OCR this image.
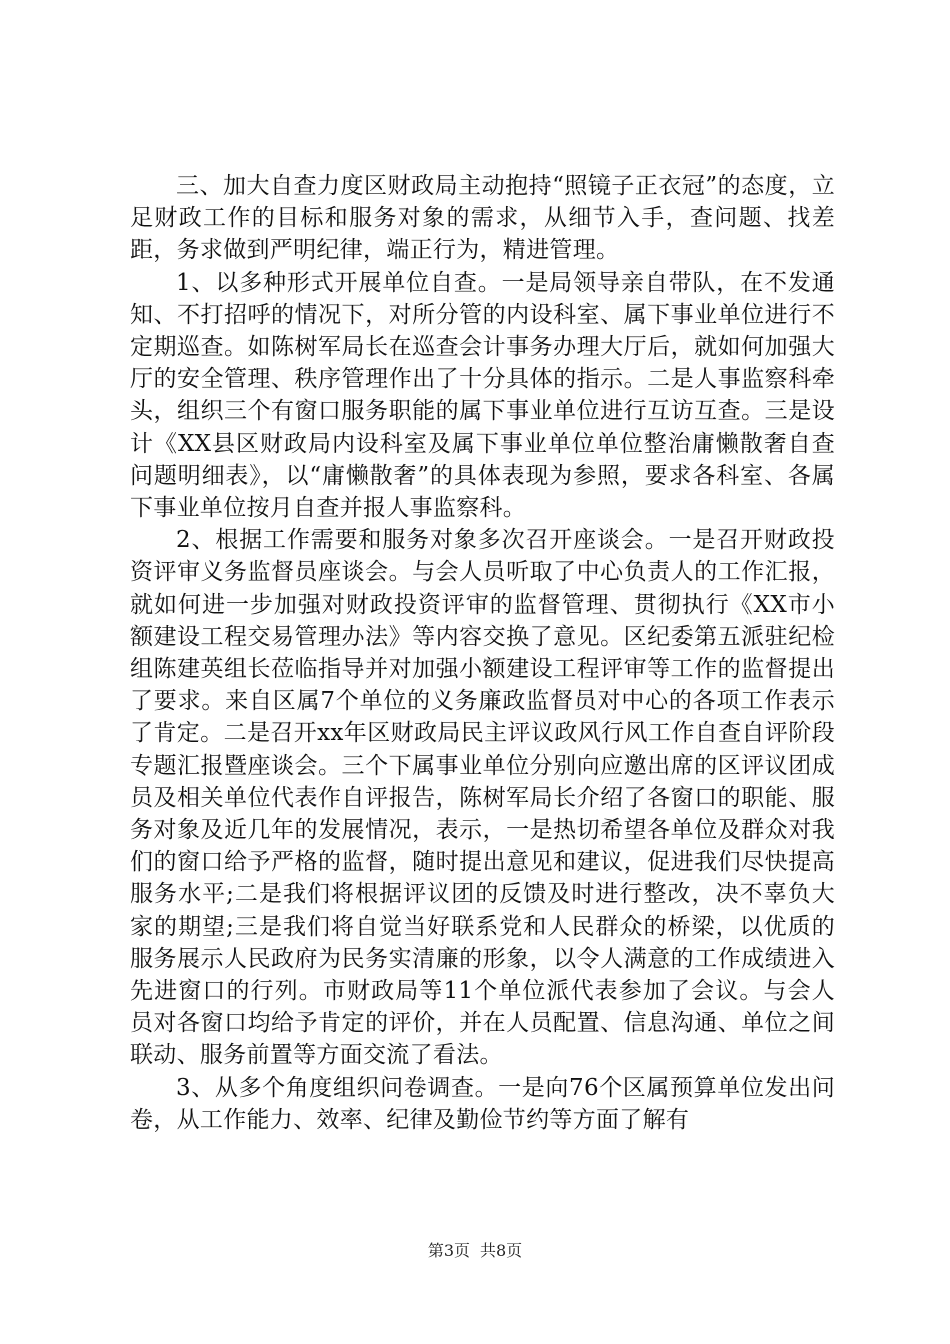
三、加大自查力度区财政局主动抱持“照镜子正衣冠”的态度，立足财政工作的目标和服务对象的需求，从细节入手，查问题、找差距，务求做到严明纪律，端正行为，精进管理。

1、以多种形式开展单位自查。一是局领导亲自带队，在不发通知、不打招呼的情况下，对所分管的内设科室、属下事业单位进行不定期巡查。如陈树军局长在巡查会计事务办理大厅后，就如何加强大厅的安全管理、秩序管理作出了十分具体的指示。二是人事监察科牵头，组织三个有窗口服务职能的属下事业单位进行互访互查。三是设计《XX县区财政局内设科室及属下事业单位单位整治庸懒散奢自查问题明细表》，以“庸懒散奢”的具体表现为参照，要求各科室、各属下事业单位按月自查并报人事监察科。

2、根据工作需要和服务对象多次召开座谈会。一是召开财政投资评审义务监督员座谈会。与会人员听取了中心负责人的工作汇报，就如何进一步加强对财政投资评审的监督管理、贯彻执行《XX市小额建设工程交易管理办法》等内容交换了意见。区纪委第五派驻纪检组陈建英组长莅临指导并对加强小额建设工程评审等工作的监督提出了要求。来自区属7个单位的义务廉政监督员对中心的各项工作表示了肯定。二是召开xx年区财政局民主评议政风行风工作自查自评阶段专题汇报暨座谈会。三个下属事业单位分别向应邀出席的区评议团成员及相关单位代表作自评报告，陈树军局长介绍了各窗口的职能、服务对象及近几年的发展情况，表示，一是热切希望各单位及群众对我们的窗口给予严格的监督，随时提出意见和建议，促进我们尽快提高服务水平;二是我们将根据评议团的反馈及时进行整改，决不辜负大家的期望;三是我们将自觉当好联系党和人民群众的桥梁，以优质的服务展示人民政府为民务实清廉的形象，以令人满意的工作成绩进入先进窗口的行列。市财政局等11个单位派代表参加了会议。与会人员对各窗口均给予肯定的评价，并在人员配置、信息沟通、单位之间联动、服务前置等方面交流了看法。

3、从多个角度组织问卷调查。一是向76个区属预算单位发出问卷，从工作能力、效率、纪律及勤俭节约等方面了解有

第3页 共8页
